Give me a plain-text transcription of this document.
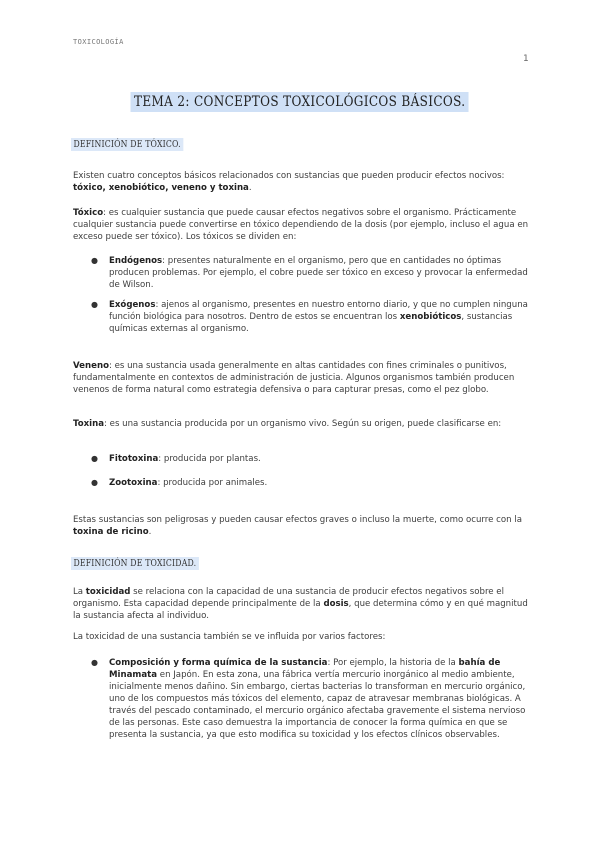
TOXICOLOGÍA
1
TEMA 2: CONCEPTOS TOXICOLÓGICOS BÁSICOS.
DEFINICIÓN DE TÓXICO.

Existen cuatro conceptos básicos relacionados con sustancias que pueden producir efectos nocivos: tóxico, xenobiótico, veneno y toxina.

Tóxico: es cualquier sustancia que puede causar efectos negativos sobre el organismo. Prácticamente cualquier sustancia puede convertirse en tóxico dependiendo de la dosis (por ejemplo, incluso el agua en exceso puede ser tóxico). Los tóxicos se dividen en:

● Endógenos: presentes naturalmente en el organismo, pero que en cantidades no óptimas producen problemas. Por ejemplo, el cobre puede ser tóxico en exceso y provocar la enfermedad de Wilson.

● Exógenos: ajenos al organismo, presentes en nuestro entorno diario, y que no cumplen ninguna función biológica para nosotros. Dentro de estos se encuentran los xenobióticos, sustancias químicas externas al organismo.

Veneno: es una sustancia usada generalmente en altas cantidades con fines criminales o punitivos, fundamentalmente en contextos de administración de justicia. Algunos organismos también producen venenos de forma natural como estrategia defensiva o para capturar presas, como el pez globo.

Toxina: es una sustancia producida por un organismo vivo. Según su origen, puede clasificarse en:

● Fitotoxina: producida por plantas.

● Zootoxina: producida por animales.

Estas sustancias son peligrosas y pueden causar efectos graves o incluso la muerte, como ocurre con la toxina de ricino.

DEFINICIÓN DE TOXICIDAD.

La toxicidad se relaciona con la capacidad de una sustancia de producir efectos negativos sobre el organismo. Esta capacidad depende principalmente de la dosis, que determina cómo y en qué magnitud la sustancia afecta al individuo.

La toxicidad de una sustancia también se ve influida por varios factores:

● Composición y forma química de la sustancia: Por ejemplo, la historia de la bahía de Minamata en Japón. En esta zona, una fábrica vertía mercurio inorgánico al medio ambiente, inicialmente menos dañino. Sin embargo, ciertas bacterias lo transforman en mercurio orgánico, uno de los compuestos más tóxicos del elemento, capaz de atravesar membranas biológicas. A través del pescado contaminado, el mercurio orgánico afectaba gravemente el sistema nervioso de las personas. Este caso demuestra la importancia de conocer la forma química en que se presenta la sustancia, ya que esto modifica su toxicidad y los efectos clínicos observables.
